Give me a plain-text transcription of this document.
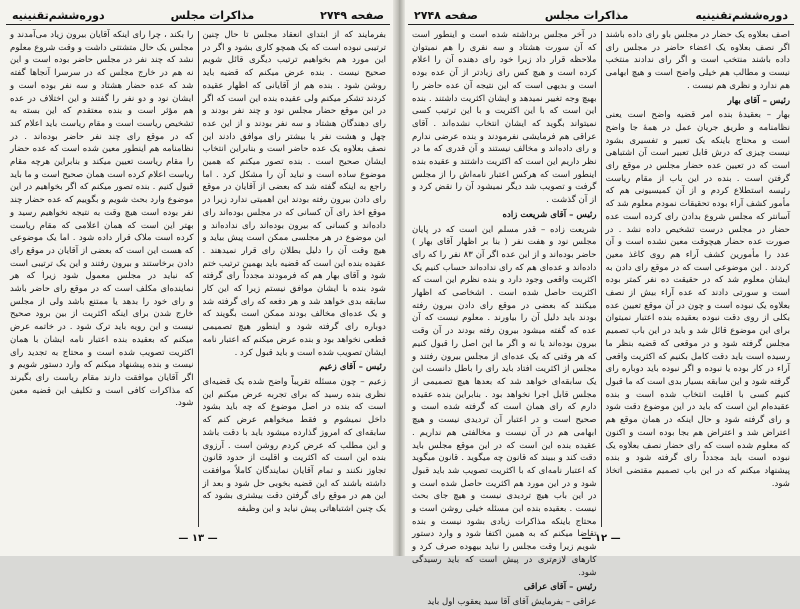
صفحه ۲۷۴۹
مذاکرات مجلس
دوره‌ششم‌تقنینیه

بفرمایند که از ابتدای انعقاد مجلس تا حال چنین ترتیبی نبوده است که یک همچو کاری بشود و اگر در این مورد هم بخواهیم ترتیب دیگری قائل شویم صحیح نیست . بنده عرض میکنم که قضیه باید روشن شود . بنده هم از آقایانی که اظهار عقیده کردند تشکر میکنم ولی عقیده بنده این است که اگر در این موقع حضار مجلس نود و چند نفر بودند و رای دهندگان هشتاد و سه نفر بودند و از این عده چهل و هشت نفر یا بیشتر رای موافق دادند این نصف بعلاوه یک عده حاضر است و بنابراین انتخاب ایشان صحیح است . بنده تصور میکنم که همین موضوع ساده است و نباید آن را مشکل کرد . اما راجع به اینکه گفته شد که بعضی از آقایان در موقع رای دادن بیرون رفته بودند این اهمیتی ندارد زیرا در موقع اخذ رای آن کسانی که در مجلس بوده‌اند رای داده‌اند و کسانی که بیرون بوده‌اند رای نداده‌اند و این موضوع در هر مجلسی ممکن است پیش بیاید و هیچ وقت آن را دلیل بطلان رای قرار نمیدهند . عقیده بنده این است که قضیه باید بهمین ترتیب ختم شود و آقای بهار هم که فرمودند مجدداً رای گرفته شود بنده با ایشان موافق نیستم زیرا که این کار سابقه بدی خواهد شد و هر دفعه که رای گرفته شد و یک عده‌ای مخالف بودند ممکن است بگویند که دوباره رای گرفته شود و اینطور هیچ تصمیمی قطعی نخواهد بود و بنده عرض میکنم که اعتبار نامه ایشان تصویب شده است و باید قبول کرد .

رئیس – آقای زعیم

زعیم – چون مسئله تقریباً واضح شده یک قضیه‌ای نظری بنده رسید که برای تجربه عرض میکنم این است که بنده در اصل موضوع که چه باید بشود داخل نمیشوم و فقط میخواهم عرض کنم که سابقه‌ای که امروز گذارده میشود باید با دقت باشد و این مطلب که عرض کردم روشن است . آرزوی بنده این است که اکثریت و اقلیت از حدود قانون تجاوز نکنند و تمام آقایان نمایندگان کاملاً موافقت داشته باشند که این قضیه بخوبی حل شود و بعد از این هم در موقع رای گرفتن دقت بیشتری بشود که یک چنین اشتباهاتی پیش نیاید و این وظیفه

را بکند ، چرا رای اینکه آقایان بیرون زیاد می‌آمدند و مجلس یک حال متشتتی داشت و وقت شروع معلوم نشد که چند نفر در مجلس حاضر بوده است و این نه هم در خارج مجلس که در سرسرا آنجاها گفته شد که عده حضار هشتاد و سه نفر بوده است و ایشان نود و دو نفر را گفتند و این اختلاف در عده هم مؤثر است و بنده معتقدم که این بسته به تشخیص ریاست است و مقام ریاست باید اعلام کند که در موقع رای چند نفر حاضر بوده‌اند . در نظامنامه هم اینطور معین شده است که عده حضار را مقام ریاست تعیین میکند و بنابراین هرچه مقام ریاست اعلام کرده است همان صحیح است و ما باید قبول کنیم . بنده تصور میکنم که اگر بخواهیم در این موضوع وارد بحث شویم و بگوییم که عده حضار چند نفر بوده است هیچ وقت به نتیجه نخواهیم رسید و بهتر این است که همان اعلامی که مقام ریاست کرده است ملاک قرار داده شود . اما یک موضوعی که هست این است که بعضی از آقایان در موقع رای دادن برخاستند و بیرون رفتند و این یک ترتیبی است که نباید در مجلس معمول شود زیرا که هر نماینده‌ای مکلف است که در موقع رای حاضر باشد و رای خود را بدهد یا ممتنع باشد ولی از مجلس خارج شدن برای اینکه اکثریت از بین برود صحیح نیست و این رویه باید ترک شود . در خاتمه عرض میکنم که بعقیده بنده اعتبار نامه ایشان با همان اکثریت تصویب شده است و محتاج به تجدید رای نیست و بنده پیشنهاد میکنم که وارد دستور شویم و اگر آقایان موافقت دارند مقام ریاست رای بگیرند که مذاکرات کافی است و تکلیف این قضیه معین شود.

— ۱۳ —
دوره‌ششم‌تقنینیه
مذاکرات مجلس
صفحه ۲۷۴۸

اصف بعلاوه یک حضار در مجلس باو رای داده باشند اگر نصف بعلاوه یک اعضاء حاضر در مجلس رای داده باشند منتخب است و اگر رای ندادند منتخب نیست و مطالب هم خیلی واضح است و هیچ ابهامی هم ندارد و نظری هم نیست .

رئیس – آقای بهار

بهار – بعقیدهٔ بنده امر قضیه واضح است یعنی نظامنامه و طریق جریان عمل در همهٔ جا واضح است و محتاج باینکه یک تعبیر و تفسیری بشود نیست چیزی که درش قابل تعبیر است آن اشتباهی است که در تعیین عده حضار مجلس در موقع رای گرفتن است . بنده در این باب از مقام ریاست رئیسه استطلاع کردم و از آن کمیسیونی هم که مأمور کشف آراء بوده تحقیقات نمودم معلوم شد که آسانتر که مجلس شروع بدادن رای کرده است عده حضار در مجلس درست تشخیص داده نشد . در صورت عده حضار هیچوقت معین نشده است و آن عدد را مأمورین کشف آراء هم روی کاغذ معین کردند . این موضوعی است که در موقع رای دادن به ایشان معلوم شد که در حقیقت ده نفر کمتر بوده است و سورتی دادند که عده آراء بیش از نصف بعلاوه یک نبوده است و چون در آن موقع تعیین عده بکلی از روی دقت نبوده بعقیده بنده اعتبار نمیتوان برای این موضوع قائل شد و باید در این باب تصمیم مجلس گرفته شود و در موقعی که قضیه بنظر ما رسیده است باید دقت کامل بکنیم که اکثریت واقعی آراء در کار بوده یا نبوده و اگر نبوده باید دوباره رای گرفته شود و این سابقه بسیار بدی است که ما قبول کنیم کسی با اقلیت انتخاب شده است و بنده عقیده‌ام این است که باید در این موضوع دقت شود و رای گرفته شود و حال اینکه در همان موقع هم اعتراض شد و اعتراض هم بجا بوده است و اکنون که معلوم شده است که رای حضار نصف بعلاوه یک نبوده است باید مجدداً رای گرفته شود و بنده پیشنهاد میکنم که در این باب تصمیم مقتضی اتخاذ شود.

در آخر مجلس برداشته شده است و اینطور است که آن سورت هشتاد و سه نفری را هم نمیتوان ملاحظه قرار داد زیرا خود رای دهنده آن را اعلام کرده است و هیچ کس رای زیادتر از آن عده بوده است و بدیهی است که این نتیجه آن عده حاضر را بهیچ وجه تغییر نمیدهد و ایشان اکثریت داشتند . بنده این است که با این اکثریت و با این ترتیب کسی نمیتواند بگوید که ایشان انتخاب نشده‌اند . آقای عراقی هم فرمایشی نفرمودند و بنده عرضی ندارم و رای داده‌اند و مخالف نیستند و آن قدری که ما در نظر داریم این است که اکثریت داشتند و عقیده بنده اینطور است که هرکس اعتبار نامه‌اش را از مجلس گرفت و تصویب شد دیگر نمیشود آن را نقض کرد و از آن گذشت .

رئیس – آقای شریعت زاده

شریعت زاده – قدر مسلم این است که در پایان مجلس نود و هفت نفر ( بنا بر اظهار آقای بهار ) حاضر بوده‌اند و از این عده اگر آن ۸۳ نفر را که رای داده‌اند و عده‌ای هم که رای نداده‌اند حساب کنیم یک اکثریت واقعی وجود دارد و بنده نظرم این است که اکثریت حاصل شده است . اشخاصی که اظهار میکنند که بعضی در موقع رای دادن بیرون رفته بودند باید دلیل آن را بیاورند . معلوم نیست که آن عده که گفته میشود بیرون رفته بودند در آن وقت بیرون بوده‌اند یا نه و اگر ما این اصل را قبول کنیم که هر وقتی که یک عده‌ای از مجلس بیرون رفتند و مجلس از اکثریت افتاد باید رای را باطل دانست این یک سابقه‌ای خواهد شد که بعدها هیچ تصمیمی از مجلس قابل اجرا نخواهد بود . بنابراین بنده عقیده دارم که رای همان است که گرفته شده است و صحیح است و در اعتبار آن تردیدی نیست و هیچ ابهامی هم در آن نیست و مخالفتی هم نداریم . عقیده بنده این است که در این موقع مجلس باید دقت کند و ببیند که قانون چه میگوید . قانون میگوید که اعتبار نامه‌ای که با اکثریت تصویب شد باید قبول شود و در این مورد هم اکثریت حاصل شده است و در این باب هیچ تردیدی نیست و هیچ جای بحث نیست . بعقیده بنده این مسئله خیلی روشن است و محتاج باینکه مذاکرات زیادی بشود نیست و بنده تقاضا میکنم که به همین اکتفا شود و وارد دستور شویم زیرا وقت مجلس را نباید بیهوده صرف کرد و کارهای لازم‌تری در پیش است که باید رسیدگی شود.

رئیس – آقای عراقی

عراقی – بفرمایش آقای آقا سید یعقوب اول باید

— ۱۲ —
